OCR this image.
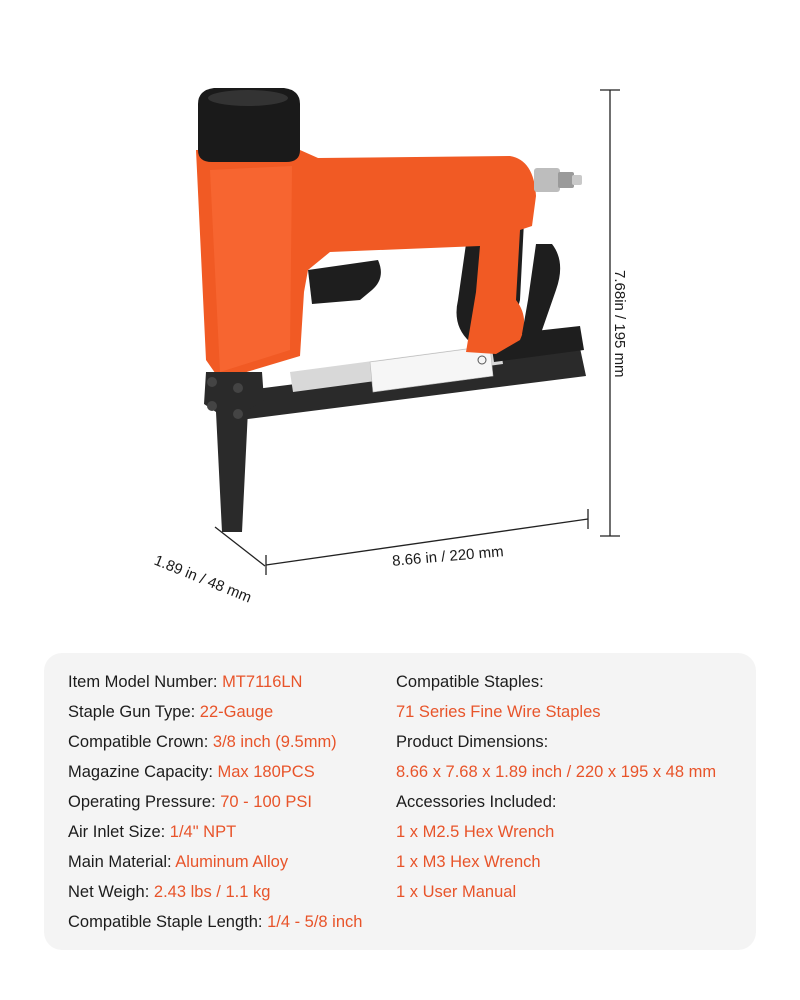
7.68in / 195 mm
8.66 in / 220 mm
1.89 in / 48 mm
Item Model Number: MT7116LN
Staple Gun Type: 22-Gauge
Compatible Crown: 3/8 inch (9.5mm)
Magazine Capacity: Max 180PCS
Operating Pressure: 70 - 100 PSI
Air Inlet Size: 1/4" NPT
Main Material: Aluminum Alloy
Net Weigh: 2.43 lbs / 1.1 kg
Compatible Staple Length: 1/4 - 5/8 inch
Compatible Staples:
71 Series Fine Wire Staples
Product Dimensions:
8.66 x 7.68 x 1.89 inch / 220 x 195 x 48 mm
Accessories Included:
1 x M2.5 Hex Wrench
1 x M3 Hex Wrench
1 x User Manual
